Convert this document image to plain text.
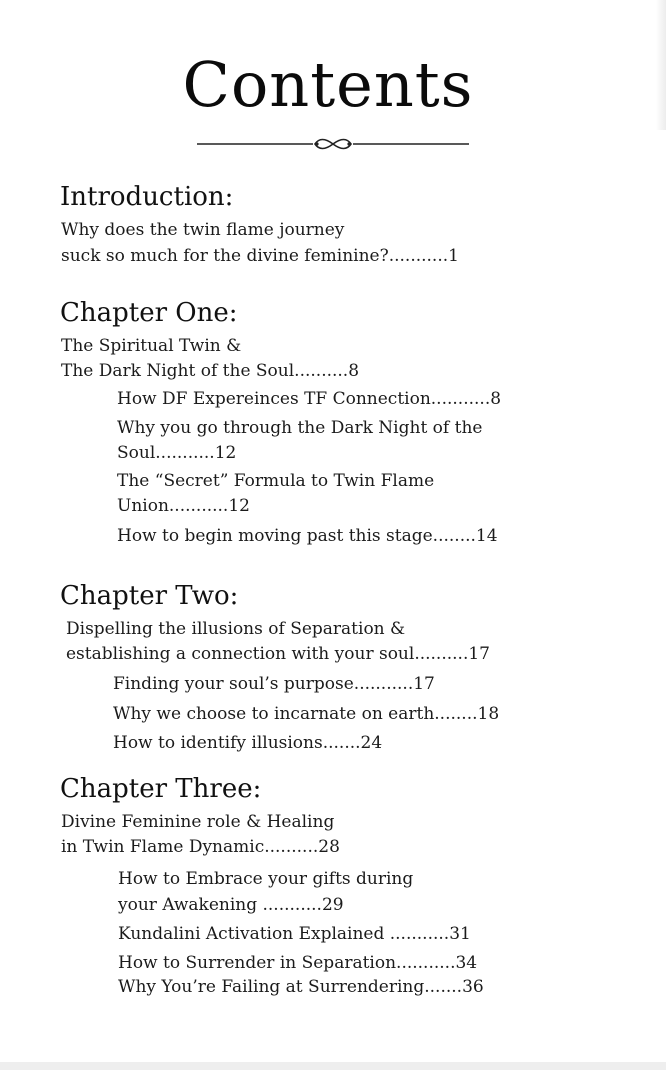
Contents
Introduction:
Why does the twin flame journey
suck so much for the divine feminine?...........1
Chapter One:
The Spiritual Twin &
The Dark Night of the Soul..........8
How DF Expereinces TF Connection...........8
Why you go through the Dark Night of the
Soul...........12
The “Secret” Formula to Twin Flame
Union...........12
How to begin moving past this stage........14
Chapter Two:
Dispelling the illusions of Separation &
establishing a connection with your soul..........17
Finding your soul’s purpose...........17
Why we choose to incarnate on earth........18
How to identify illusions.......24
Chapter Three:
Divine Feminine role & Healing
in Twin Flame Dynamic..........28
How to Embrace your gifts during
your Awakening ...........29
Kundalini Activation Explained ...........31
How to Surrender in Separation...........34
Why You’re Failing at Surrendering.......36
